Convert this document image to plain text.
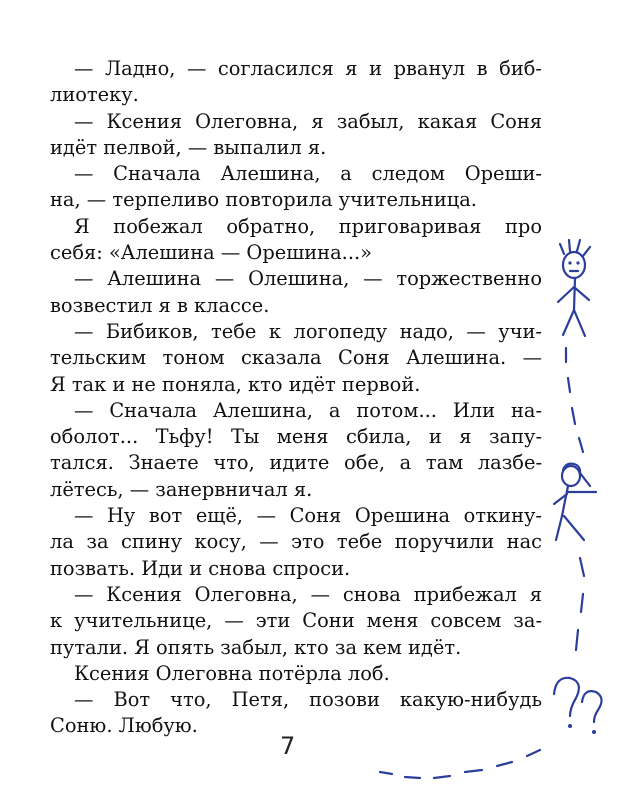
— Ладно, — согласился я и рванул в биб-
лиотеку.
— Ксения Олеговна, я забыл, какая Соня
идёт пелвой, — выпалил я.
— Сначала Алешина, а следом Ореши-
на, — терпеливо повторила учительница.
Я побежал обратно, приговаривая про
себя: «Алешина — Орешина...»
— Алешина — Олешина, — торжественно
возвестил я в классе.
— Бибиков, тебе к логопеду надо, — учи-
тельским тоном сказала Соня Алешина. —
Я так и не поняла, кто идёт первой.
— Сначала Алешина, а потом... Или на-
оболот... Тьфу! Ты меня сбила, и я запу-
тался. Знаете что, идите обе, а там лазбе-
лётесь, — занервничал я.
— Ну вот ещё, — Соня Орешина откину-
ла за спину косу, — это тебе поручили нас
позвать. Иди и снова спроси.
— Ксения Олеговна, — снова прибежал я
к учительнице, — эти Сони меня совсем за-
путали. Я опять забыл, кто за кем идёт.
Ксения Олеговна потёрла лоб.
— Вот что, Петя, позови какую-нибудь
Соню. Любую.
7
